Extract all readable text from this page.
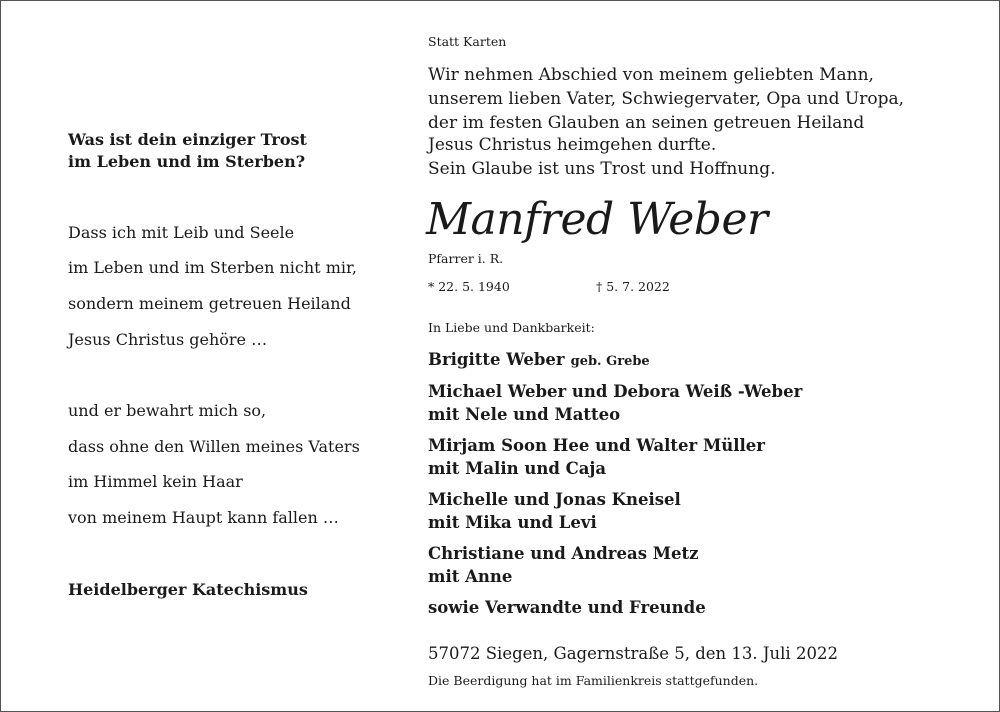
Was ist dein einziger Trost
im Leben und im Sterben?
Dass ich mit Leib und Seele
im Leben und im Sterben nicht mir,
sondern meinem getreuen Heiland
Jesus Christus gehöre …
und er bewahrt mich so,
dass ohne den Willen meines Vaters
im Himmel kein Haar
von meinem Haupt kann fallen …
Heidelberger Katechismus
Statt Karten
Wir nehmen Abschied von meinem geliebten Mann,
unserem lieben Vater, Schwiegervater, Opa und Uropa,
der im festen Glauben an seinen getreuen Heiland
Jesus Christus heimgehen durfte.
Sein Glaube ist uns Trost und Hoffnung.
Manfred Weber
Pfarrer i. R.
* 22. 5. 1940	† 5. 7. 2022
In Liebe und Dankbarkeit:
Brigitte Weber geb. Grebe
Michael Weber und Debora Weiß -Weber
mit Nele und Matteo
Mirjam Soon Hee und Walter Müller
mit Malin und Caja
Michelle und Jonas Kneisel
mit Mika und Levi
Christiane und Andreas Metz
mit Anne
sowie Verwandte und Freunde
57072 Siegen, Gagernstraße 5, den 13. Juli 2022
Die Beerdigung hat im Familienkreis stattgefunden.
